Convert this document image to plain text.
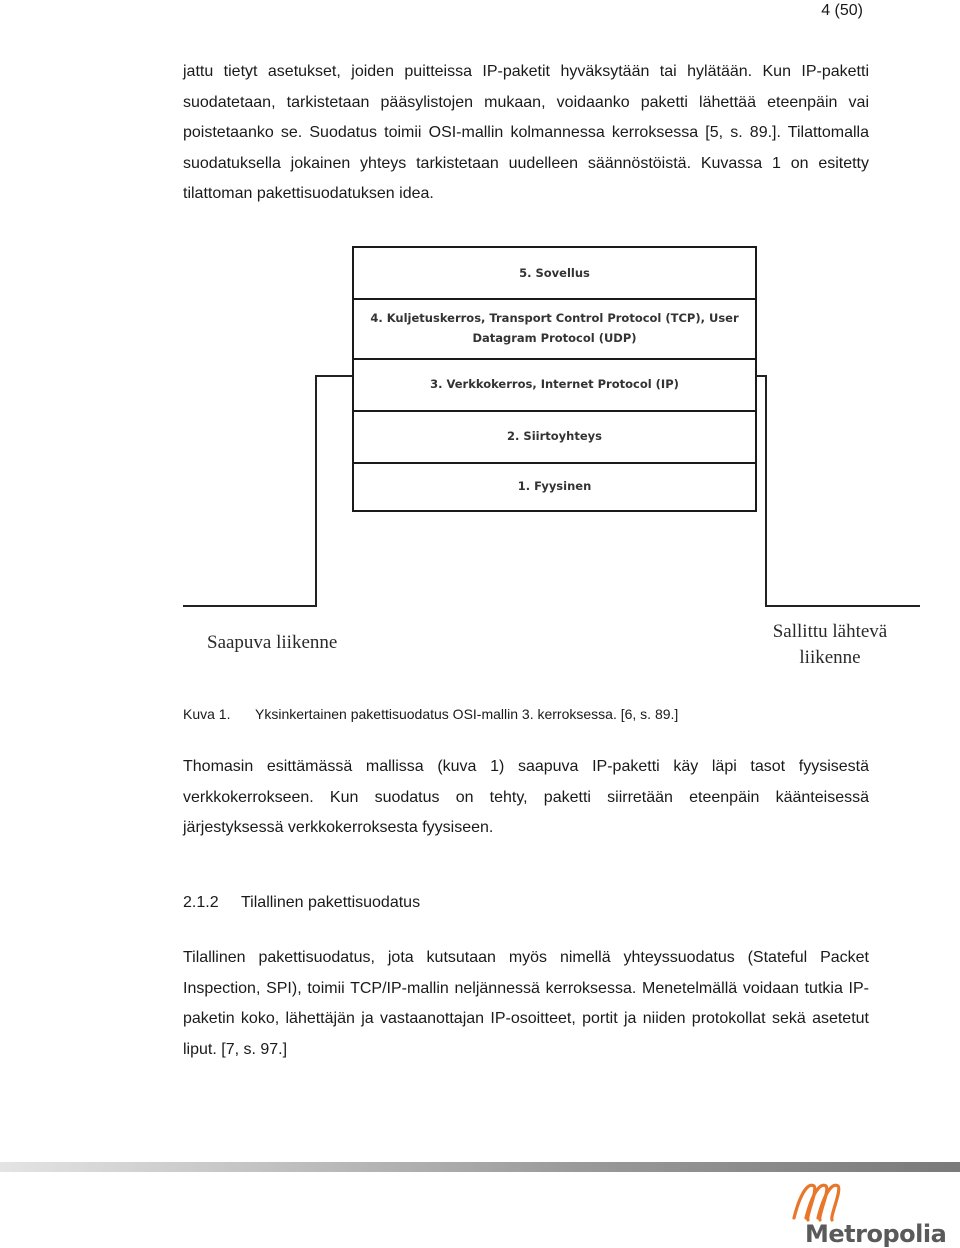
4 (50)

jattu tietyt asetukset, joiden puitteissa IP-paketit hyväksytään tai hylätään. Kun IP-paketti suodatetaan, tarkistetaan pääsylistojen mukaan, voidaanko paketti lähettää eteenpäin vai poistetaanko se. Suodatus toimii OSI-mallin kolmannessa kerroksessa [5, s. 89.]. Tilattomalla suodatuksella jokainen yhteys tarkistetaan uudelleen säännöstöistä. Kuvassa 1 on esitetty tilattoman pakettisuodatuksen idea.

5. Sovellus
4. Kuljetuskerros, Transport Control Protocol (TCP), User Datagram Protocol (UDP)
3. Verkkokerros, Internet Protocol (IP)
2. Siirtoyhteys
1. Fyysinen
Saapuva liikenne
Sallittu lähtevä liikenne
Kuva 1. Yksinkertainen pakettisuodatus OSI-mallin 3. kerroksessa. [6, s. 89.]

Thomasin esittämässä mallissa (kuva 1) saapuva IP-paketti käy läpi tasot fyysisestä verkkokerrokseen. Kun suodatus on tehty, paketti siirretään eteenpäin käänteisessä järjestyksessä verkkokerroksesta fyysiseen.

2.1.2 Tilallinen pakettisuodatus

Tilallinen pakettisuodatus, jota kutsutaan myös nimellä yhteyssuodatus (Stateful Packet Inspection, SPI), toimii TCP/IP-mallin neljännessä kerroksessa. Menetelmällä voidaan tutkia IP-paketin koko, lähettäjän ja vastaanottajan IP-osoitteet, portit ja niiden protokollat sekä asetetut liput. [7, s. 97.]

Metropolia
